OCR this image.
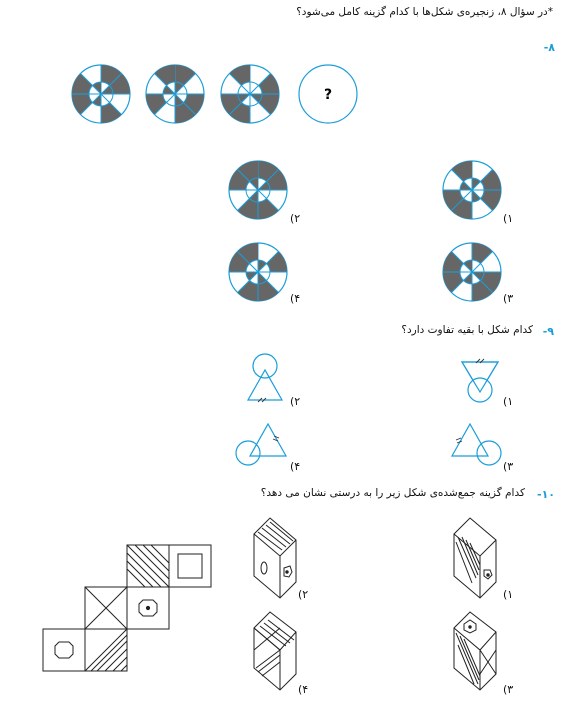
*در سؤال ۸، زنجیره‌ی شکل‌ها با کدام گزینه کامل می‌شود؟
-۸
-۹
کدام شکل با بقیه تفاوت دارد؟
-۱۰
کدام گزینه جمع‌شده‌ی شکل زیر را به درستی نشان می دهد؟
(۱
(۲
(۳
(۴
(۱
(۲
(۳
(۴
(۱
(۲
(۳
(۴
?
